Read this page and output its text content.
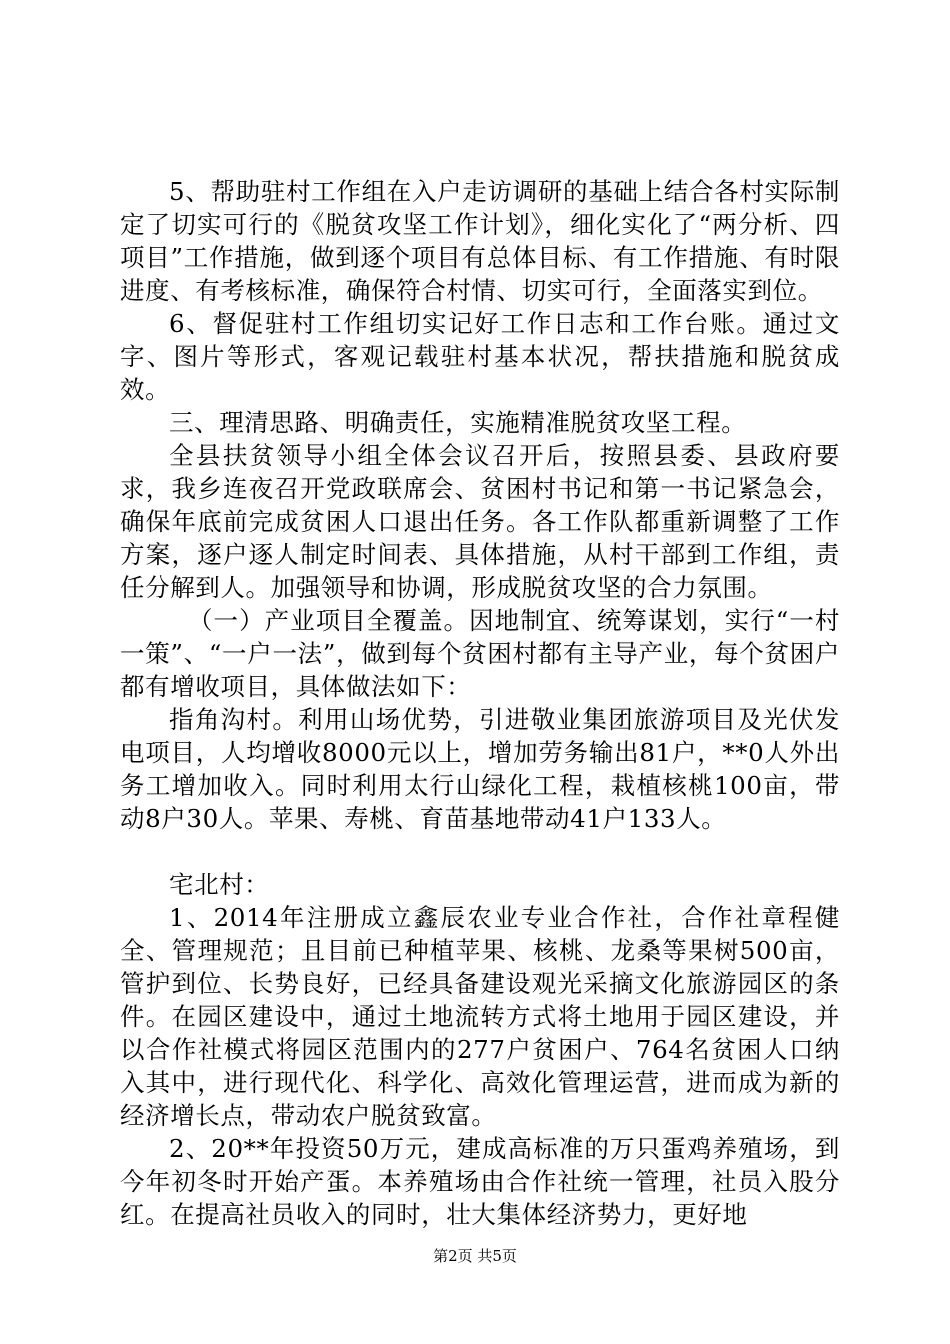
5、帮助驻村工作组在入户走访调研的基础上结合各村实际制定了切实可行的《脱贫攻坚工作计划》，细化实化了“两分析、四项目”工作措施，做到逐个项目有总体目标、有工作措施、有时限进度、有考核标准，确保符合村情、切实可行，全面落实到位。

6、督促驻村工作组切实记好工作日志和工作台账。通过文字、图片等形式，客观记载驻村基本状况，帮扶措施和脱贫成效。

三、理清思路、明确责任，实施精准脱贫攻坚工程。

全县扶贫领导小组全体会议召开后，按照县委、县政府要求，我乡连夜召开党政联席会、贫困村书记和第一书记紧急会，确保年底前完成贫困人口退出任务。各工作队都重新调整了工作方案，逐户逐人制定时间表、具体措施，从村干部到工作组，责任分解到人。加强领导和协调，形成脱贫攻坚的合力氛围。

（一）产业项目全覆盖。因地制宜、统筹谋划，实行“一村一策”、“一户一法”，做到每个贫困村都有主导产业，每个贫困户都有增收项目，具体做法如下：

指角沟村。利用山场优势，引进敬业集团旅游项目及光伏发电项目，人均增收8000元以上，增加劳务输出81户，**0人外出务工增加收入。同时利用太行山绿化工程，栽植核桃100亩，带动8户30人。苹果、寿桃、育苗基地带动41户133人。

宅北村：

1、2014年注册成立鑫辰农业专业合作社，合作社章程健全、管理规范；且目前已种植苹果、核桃、龙桑等果树500亩，管护到位、长势良好，已经具备建设观光采摘文化旅游园区的条件。在园区建设中，通过土地流转方式将土地用于园区建设，并以合作社模式将园区范围内的277户贫困户、764名贫困人口纳入其中，进行现代化、科学化、高效化管理运营，进而成为新的经济增长点，带动农户脱贫致富。

2、20**年投资50万元，建成高标准的万只蛋鸡养殖场，到今年初冬时开始产蛋。本养殖场由合作社统一管理，社员入股分红。在提高社员收入的同时，壮大集体经济势力，更好地

第2页 共5页
